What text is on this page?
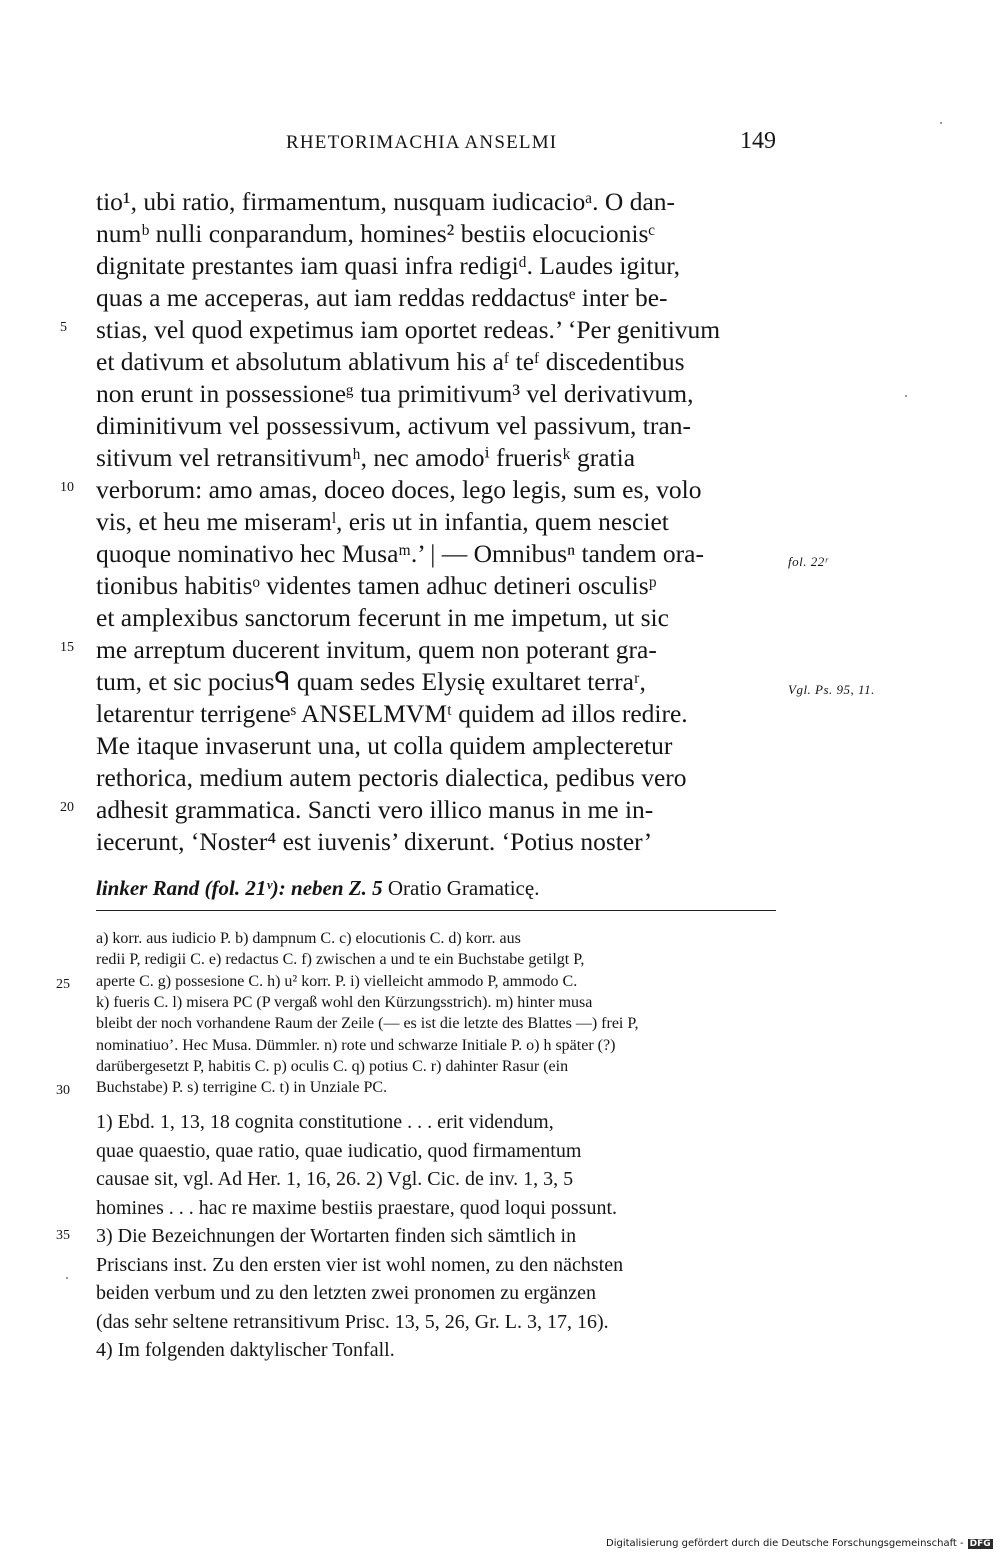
RHETORIMACHIA ANSELMI	149
tio¹, ubi ratio, firmamentum, nusquam iudicacioᵃ. O dan-
numᵇ nulli conparandum, homines² bestiis elocucionisᶜ
dignitate prestantes iam quasi infra redigiᵈ. Laudes igitur,
quas a me acceperas, aut iam reddas reddactusᵉ inter be-
stias, vel quod expetimus iam oportet redeas.’ ‘Per genitivum
5
et dativum et absolutum ablativum his aᶠ teᶠ discedentibus
non erunt in possessioneᵍ tua primitivum³ vel derivativum,
diminitivum vel possessivum, activum vel passivum, tran-
sitivum vel retransitivumʰ, nec amodoⁱ fruerisᵏ gratia
verborum: amo amas, doceo doces, lego legis, sum es, volo
10
vis, et heu me miseramˡ, eris ut in infantia, quem nesciet
quoque nominativo hec Musaᵐ.’ | — Omnibusⁿ tandem ora-
tionibus habitisᵒ videntes tamen adhuc detineri osculisᵖ
et amplexibus sanctorum fecerunt in me impetum, ut sic
me arreptum ducerent invitum, quem non poterant gra-
15
tum, et sic pociusᑫ quam sedes Elysię exultaret terraʳ,
letarentur terrigeneˢ ANSELMVMᵗ quidem ad illos redire.
Me itaque invaserunt una, ut colla quidem amplecteretur
rethorica, medium autem pectoris dialectica, pedibus vero
adhesit grammatica. Sancti vero illico manus in me in-
20
iecerunt, ‘Noster⁴ est iuvenis’ dixerunt. ‘Potius noster’
fol. 22ʳ
Vgl. Ps. 95, 11.
linker Rand (fol. 21ᵛ): neben Z. 5 Oratio Gramaticę.
a) korr. aus iudicio P. b) dampnum C. c) elocutionis C. d) korr. aus
redii P, redigii C. e) redactus C. f) zwischen a und te ein Buchstabe getilgt P,
aperte C. g) possesione C. h) u² korr. P. i) vielleicht ammodo P, ammodo C.
25
k) fueris C. l) misera PC (P vergaß wohl den Kürzungsstrich). m) hinter musa
bleibt der noch vorhandene Raum der Zeile (— es ist die letzte des Blattes —) frei P,
nominatiuo’. Hec Musa. Dümmler. n) rote und schwarze Initiale P. o) h später (?)
darübergesetzt P, habitis C. p) oculis C. q) potius C. r) dahinter Rasur (ein
Buchstabe) P. s) terrigine C. t) in Unziale PC.
30
1) Ebd. 1, 13, 18 cognita constitutione . . . erit videndum,
quae quaestio, quae ratio, quae iudicatio, quod firmamentum
causae sit, vgl. Ad Her. 1, 16, 26. 2) Vgl. Cic. de inv. 1, 3, 5
homines . . . hac re maxime bestiis praestare, quod loqui possunt.
3) Die Bezeichnungen der Wortarten finden sich sämtlich in
35
Priscians inst. Zu den ersten vier ist wohl nomen, zu den nächsten
beiden verbum und zu den letzten zwei pronomen zu ergänzen
(das sehr seltene retransitivum Prisc. 13, 5, 26, Gr. L. 3, 17, 16).
4) Im folgenden daktylischer Tonfall.
Digitalisierung gefördert durch die Deutsche Forschungsgemeinschaft - DFG
